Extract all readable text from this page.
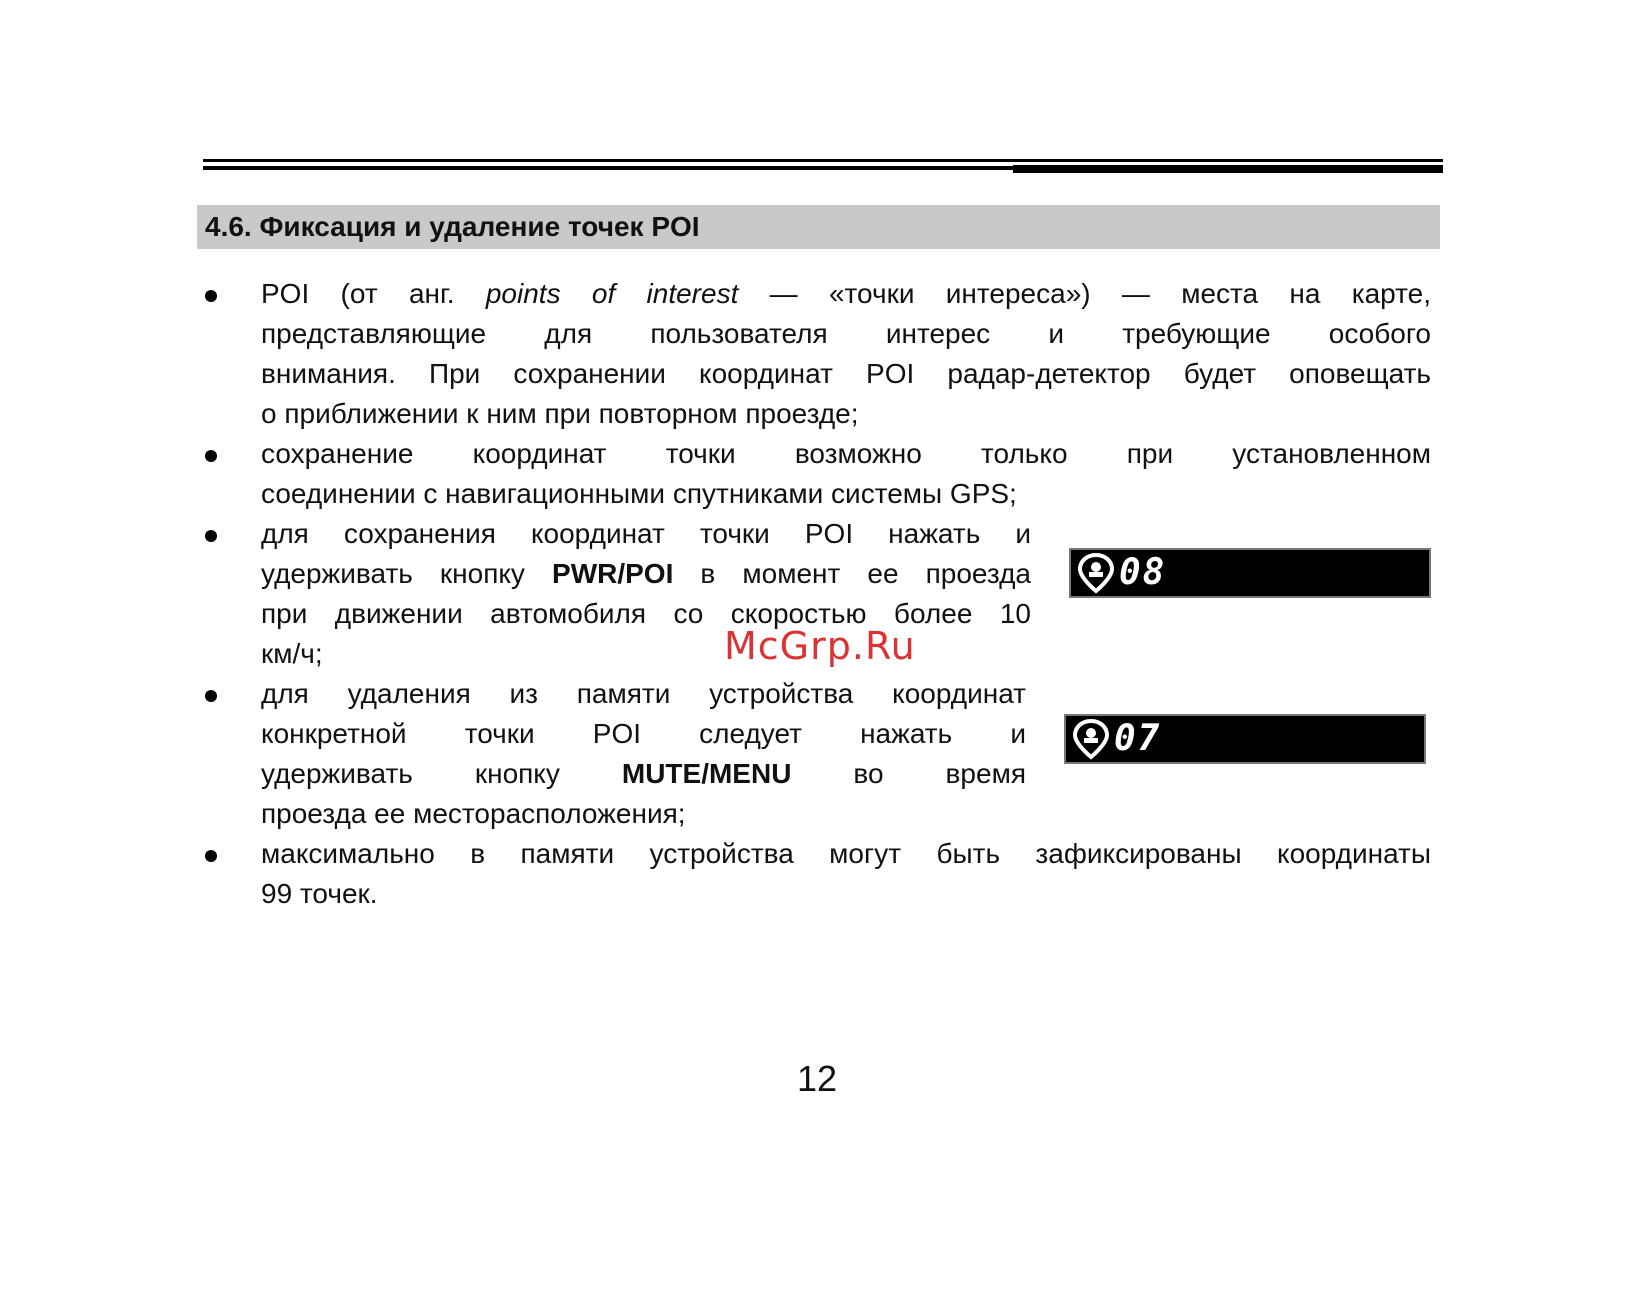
4.6. Фиксация и удаление точек POI
POI (от анг. points of interest — «точки интереса») — места на карте,
представляющие для пользователя интерес и требующие особого
внимания. При сохранении координат POI радар-детектор будет оповещать
о приближении к ним при повторном проезде;
сохранение координат точки возможно только при установленном
соединении с навигационными спутниками системы GPS;
для сохранения координат точки POI нажать и
удерживать кнопку PWR/POI в момент ее проезда
при движении автомобиля со скоростью более 10
км/ч;
08
для удаления из памяти устройства координат
конкретной точки POI следует нажать и
удерживать кнопку MUTE/MENU во время
проезда ее месторасположения;
07
максимально в памяти устройства могут быть зафиксированы координаты
99 точек.
McGrp.Ru
12
